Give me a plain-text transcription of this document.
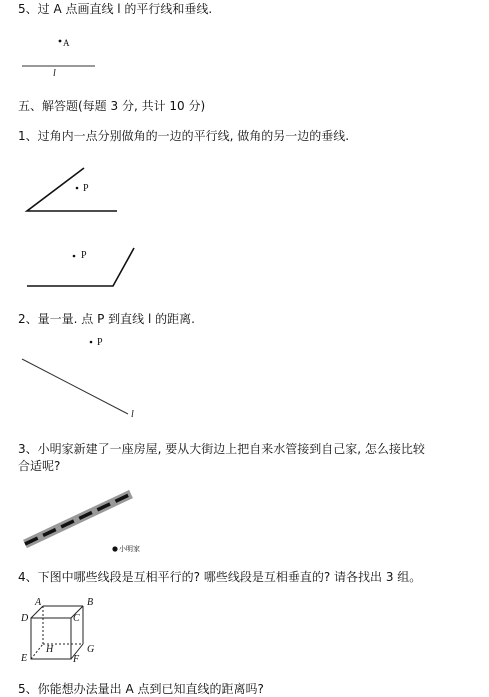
5、过 A 点画直线 l 的平行线和垂线.
A
l
五、解答题(每题 3 分, 共计 10 分)
1、过角内一点分别做角的一边的平行线, 做角的另一边的垂线.
P
P
2、量一量. 点 P 到直线 l 的距离.
P
l
3、小明家新建了一座房屋, 要从大街边上把自来水管接到自己家, 怎么接比较
合适呢?
小明家
4、下图中哪些线段是互相平行的? 哪些线段是互相垂直的? 请各找出 3 组。
A	B
C
D
E	F
G
H
5、你能想办法量出 A 点到已知直线的距离吗?
